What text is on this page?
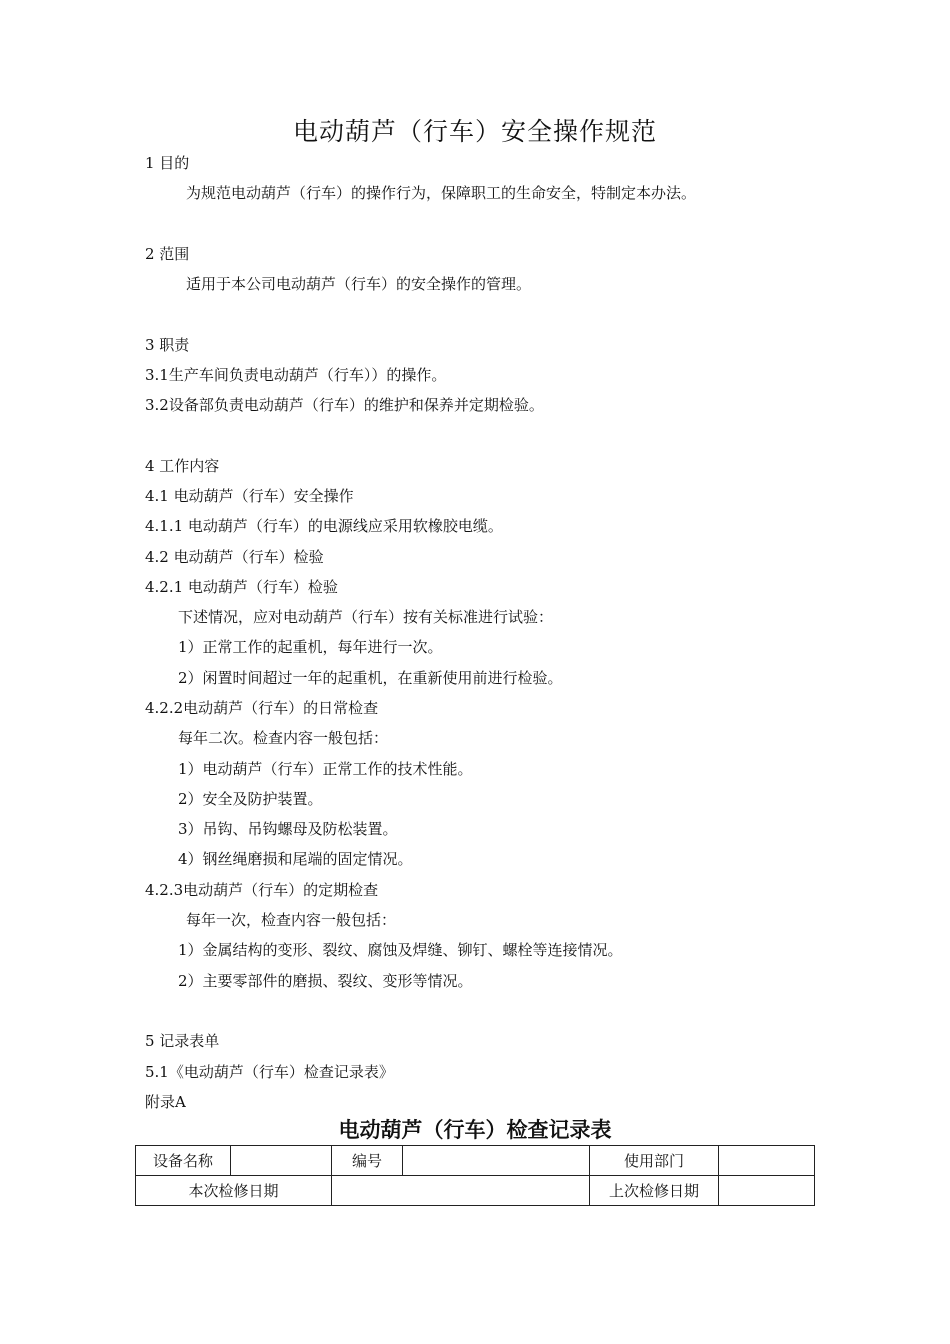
电动葫芦（行车）安全操作规范
1 目的
为规范电动葫芦（行车）的操作行为，保障职工的生命安全，特制定本办法。
2 范围
适用于本公司电动葫芦（行车）的安全操作的管理。
3 职责
3.1生产车间负责电动葫芦（行车））的操作。
3.2设备部负责电动葫芦（行车）的维护和保养并定期检验。
4 工作内容
4.1 电动葫芦（行车）安全操作
4.1.1 电动葫芦（行车）的电源线应采用软橡胶电缆。
4.2 电动葫芦（行车）检验
4.2.1 电动葫芦（行车）检验
下述情况，应对电动葫芦（行车）按有关标准进行试验：
1）正常工作的起重机，每年进行一次。
2）闲置时间超过一年的起重机，在重新使用前进行检验。
4.2.2电动葫芦（行车）的日常检查
每年二次。检查内容一般包括：
1）电动葫芦（行车）正常工作的技术性能。
2）安全及防护装置。
3）吊钩、吊钩螺母及防松装置。
4）钢丝绳磨损和尾端的固定情况。
4.2.3电动葫芦（行车）的定期检查
每年一次，检查内容一般包括：
1）金属结构的变形、裂纹、腐蚀及焊缝、铆钉、螺栓等连接情况。
2）主要零部件的磨损、裂纹、变形等情况。
5 记录表单
5.1《电动葫芦（行车）检查记录表》
附录A
电动葫芦（行车）检查记录表
设备名称		编号		使用部门	
本次检修日期				上次检修日期	
